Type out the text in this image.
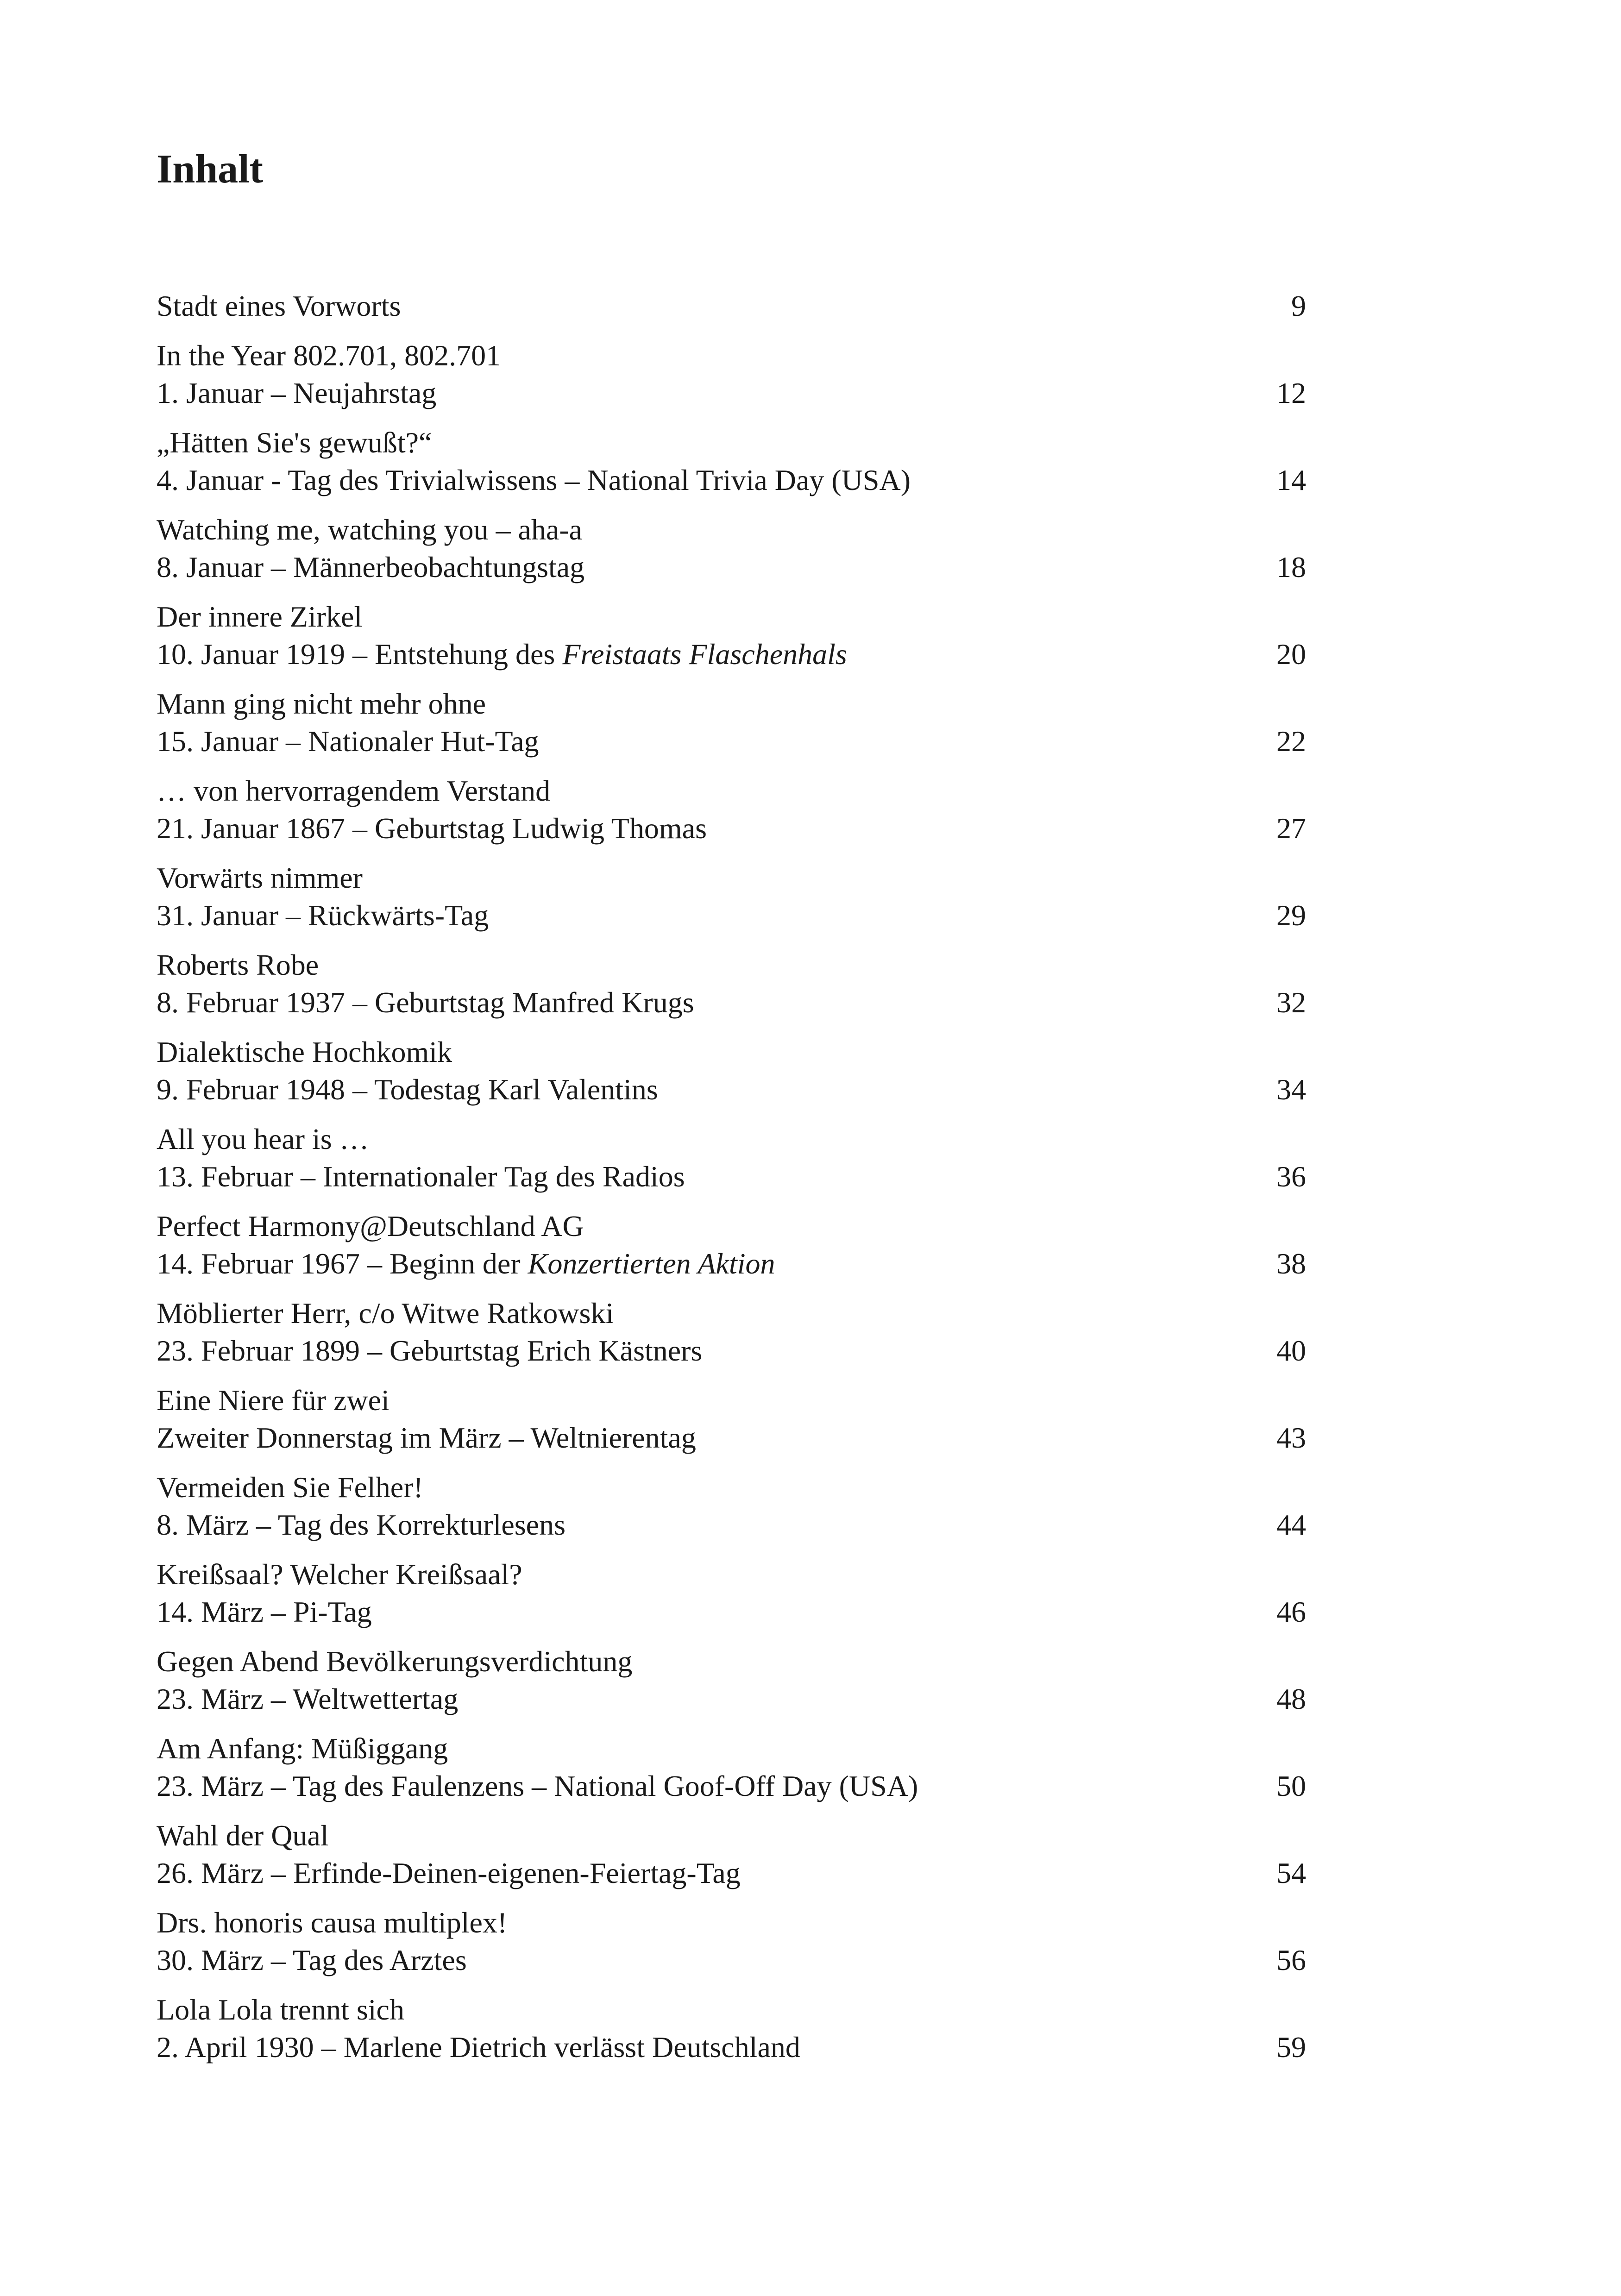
Inhalt
Stadt eines Vorworts	9
In the Year 802.701, 802.701
1. Januar – Neujahrstag	12
„Hätten Sie's gewußt?“
4. Januar - Tag des Trivialwissens – National Trivia Day (USA)	14
Watching me, watching you – aha-a
8. Januar – Männerbeobachtungstag	18
Der innere Zirkel
10. Januar 1919 – Entstehung des Freistaats Flaschenhals	20
Mann ging nicht mehr ohne
15. Januar – Nationaler Hut-Tag	22
… von hervorragendem Verstand
21. Januar 1867 – Geburtstag Ludwig Thomas	27
Vorwärts nimmer
31. Januar – Rückwärts-Tag	29
Roberts Robe
8. Februar 1937 – Geburtstag Manfred Krugs	32
Dialektische Hochkomik
9. Februar 1948 – Todestag Karl Valentins	34
All you hear is …
13. Februar – Internationaler Tag des Radios	36
Perfect Harmony@Deutschland AG
14. Februar 1967 – Beginn der Konzertierten Aktion	38
Möblierter Herr, c/o Witwe Ratkowski
23. Februar 1899 – Geburtstag Erich Kästners	40
Eine Niere für zwei
Zweiter Donnerstag im März – Weltnierentag	43
Vermeiden Sie Felher!
8. März – Tag des Korrekturlesens	44
Kreißsaal? Welcher Kreißsaal?
14. März – Pi-Tag	46
Gegen Abend Bevölkerungsverdichtung
23. März – Weltwettertag	48
Am Anfang: Müßiggang
23. März – Tag des Faulenzens – National Goof-Off Day (USA)	50
Wahl der Qual
26. März – Erfinde-Deinen-eigenen-Feiertag-Tag	54
Drs. honoris causa multiplex!
30. März – Tag des Arztes	56
Lola Lola trennt sich
2. April 1930 – Marlene Dietrich verlässt Deutschland	59
